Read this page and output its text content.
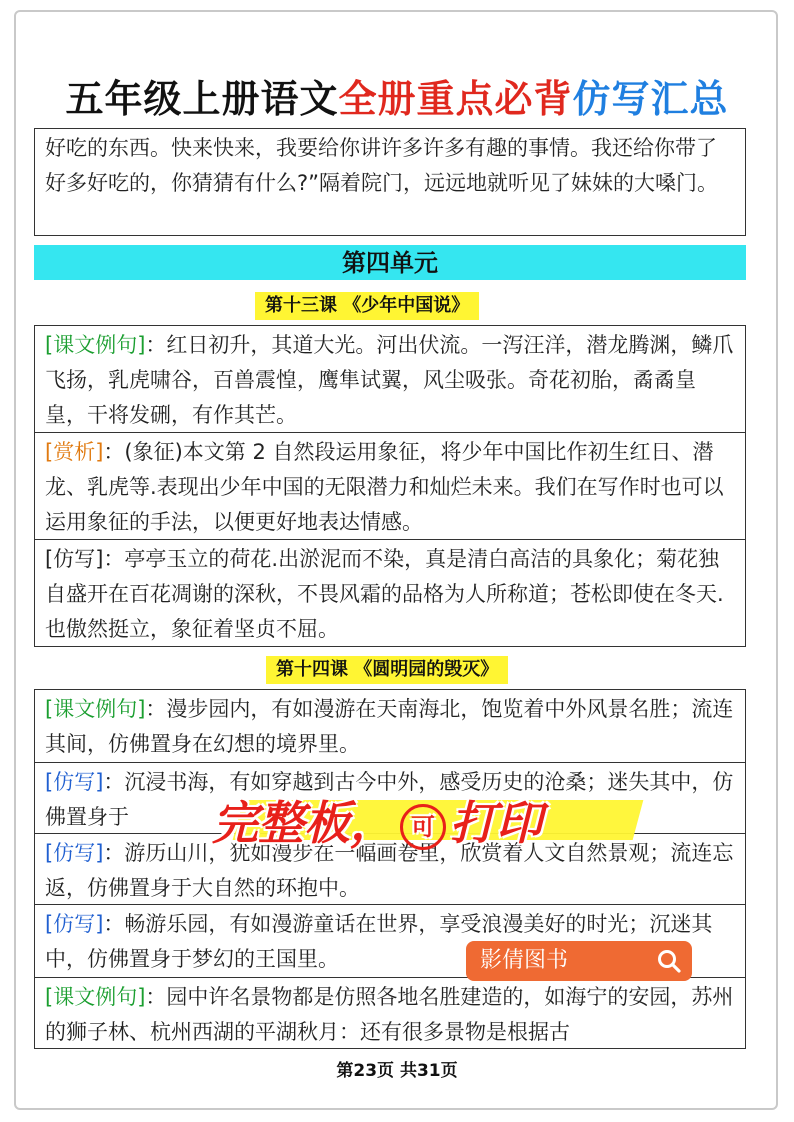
五年级上册语文全册重点必背仿写汇总
好吃的东西。快来快来，我要给你讲许多许多有趣的事情。我还给你带了好多好吃的，你猜猜有什么?”隔着院门，远远地就听见了妹妹的大嗓门。
第四单元
第十三课 《少年中国说》
[课文例句]：红日初升，其道大光。河出伏流。一泻汪洋，潜龙腾渊，鳞爪飞扬，乳虎啸谷，百兽震惶，鹰隼试翼，风尘吸张。奇花初胎，矞矞皇皇，干将发硎，有作其芒。
[赏析]：(象征)本文第 2 自然段运用象征，将少年中国比作初生红日、潜龙、乳虎等.表现出少年中国的无限潜力和灿烂未来。我们在写作时也可以运用象征的手法，以便更好地表达情感。
[仿写]：亭亭玉立的荷花.出淤泥而不染，真是清白高洁的具象化；菊花独自盛开在百花凋谢的深秋，不畏风霜的品格为人所称道；苍松即使在冬天.也傲然挺立，象征着坚贞不屈。
第十四课 《圆明园的毁灭》
[课文例句]：漫步园内，有如漫游在天南海北，饱览着中外风景名胜；流连其间，仿佛置身在幻想的境界里。
[仿写]：沉浸书海，有如穿越到古今中外，感受历史的沧桑；迷失其中，仿佛置身于
[仿写]：游历山川，犹如漫步在一幅画卷里，欣赏着人文自然景观；流连忘返，仿佛置身于大自然的环抱中。
[仿写]：畅游乐园，有如漫游童话在世界，享受浪漫美好的时光；沉迷其中，仿佛置身于梦幻的王国里。
[课文例句]：园中许名景物都是仿照各地名胜建造的，如海宁的安园，苏州的狮子林、杭州西湖的平湖秋月：还有很多景物是根据古
完整板， 可 打印
影倩图书
第23页 共31页
